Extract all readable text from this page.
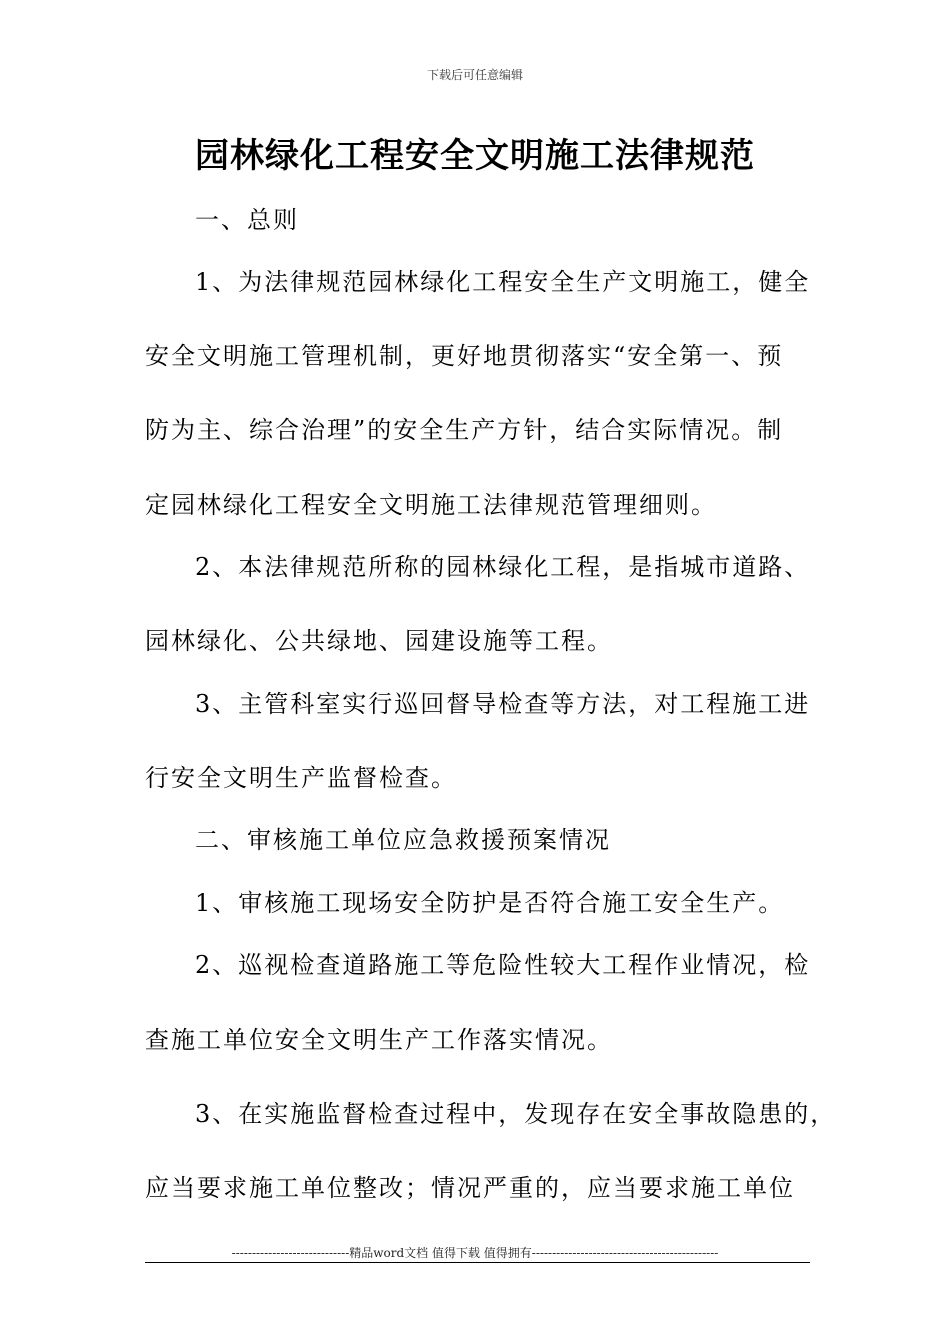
下载后可任意编辑
园林绿化工程安全文明施工法律规范
一、总则
1、为法律规范园林绿化工程安全生产文明施工，健全
安全文明施工管理机制，更好地贯彻落实“安全第一、预
防为主、综合治理”的安全生产方针，结合实际情况。制
定园林绿化工程安全文明施工法律规范管理细则。
2、本法律规范所称的园林绿化工程，是指城市道路、
园林绿化、公共绿地、园建设施等工程。
3、主管科室实行巡回督导检查等方法，对工程施工进
行安全文明生产监督检查。
二、审核施工单位应急救援预案情况
1、审核施工现场安全防护是否符合施工安全生产。
2、巡视检查道路施工等危险性较大工程作业情况，检
查施工单位安全文明生产工作落实情况。
3、在实施监督检查过程中，发现存在安全事故隐患的，
应当要求施工单位整改；情况严重的，应当要求施工单位
-----------------------------精品word文档 值得下载 值得拥有----------------------------------------------
